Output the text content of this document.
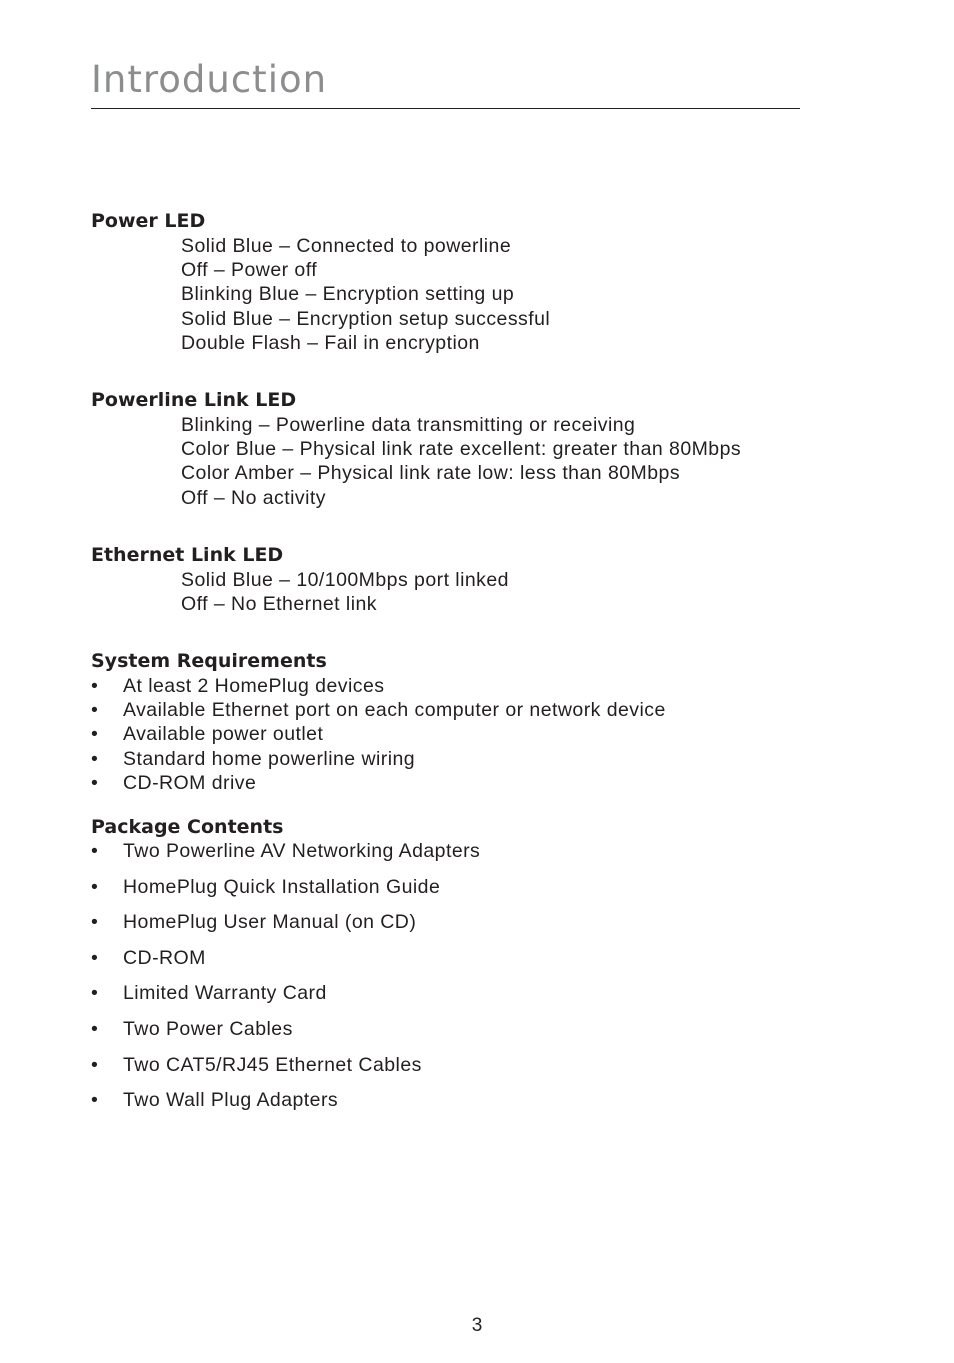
Introduction
Power LED
Solid Blue – Connected to powerline
Off – Power off
Blinking Blue – Encryption setting up
Solid Blue – Encryption setup successful
Double Flash – Fail in encryption
Powerline Link LED
Blinking – Powerline data transmitting or receiving
Color Blue – Physical link rate excellent: greater than 80Mbps
Color Amber – Physical link rate low: less than 80Mbps
Off – No activity
Ethernet Link LED
Solid Blue – 10/100Mbps port linked
Off – No Ethernet link
System Requirements
• At least 2 HomePlug devices
• Available Ethernet port on each computer or network device
• Available power outlet
• Standard home powerline wiring
• CD-ROM drive
Package Contents
• Two Powerline AV Networking Adapters
• HomePlug Quick Installation Guide
• HomePlug User Manual (on CD)
• CD-ROM
• Limited Warranty Card
• Two Power Cables
• Two CAT5/RJ45 Ethernet Cables
• Two Wall Plug Adapters
3
